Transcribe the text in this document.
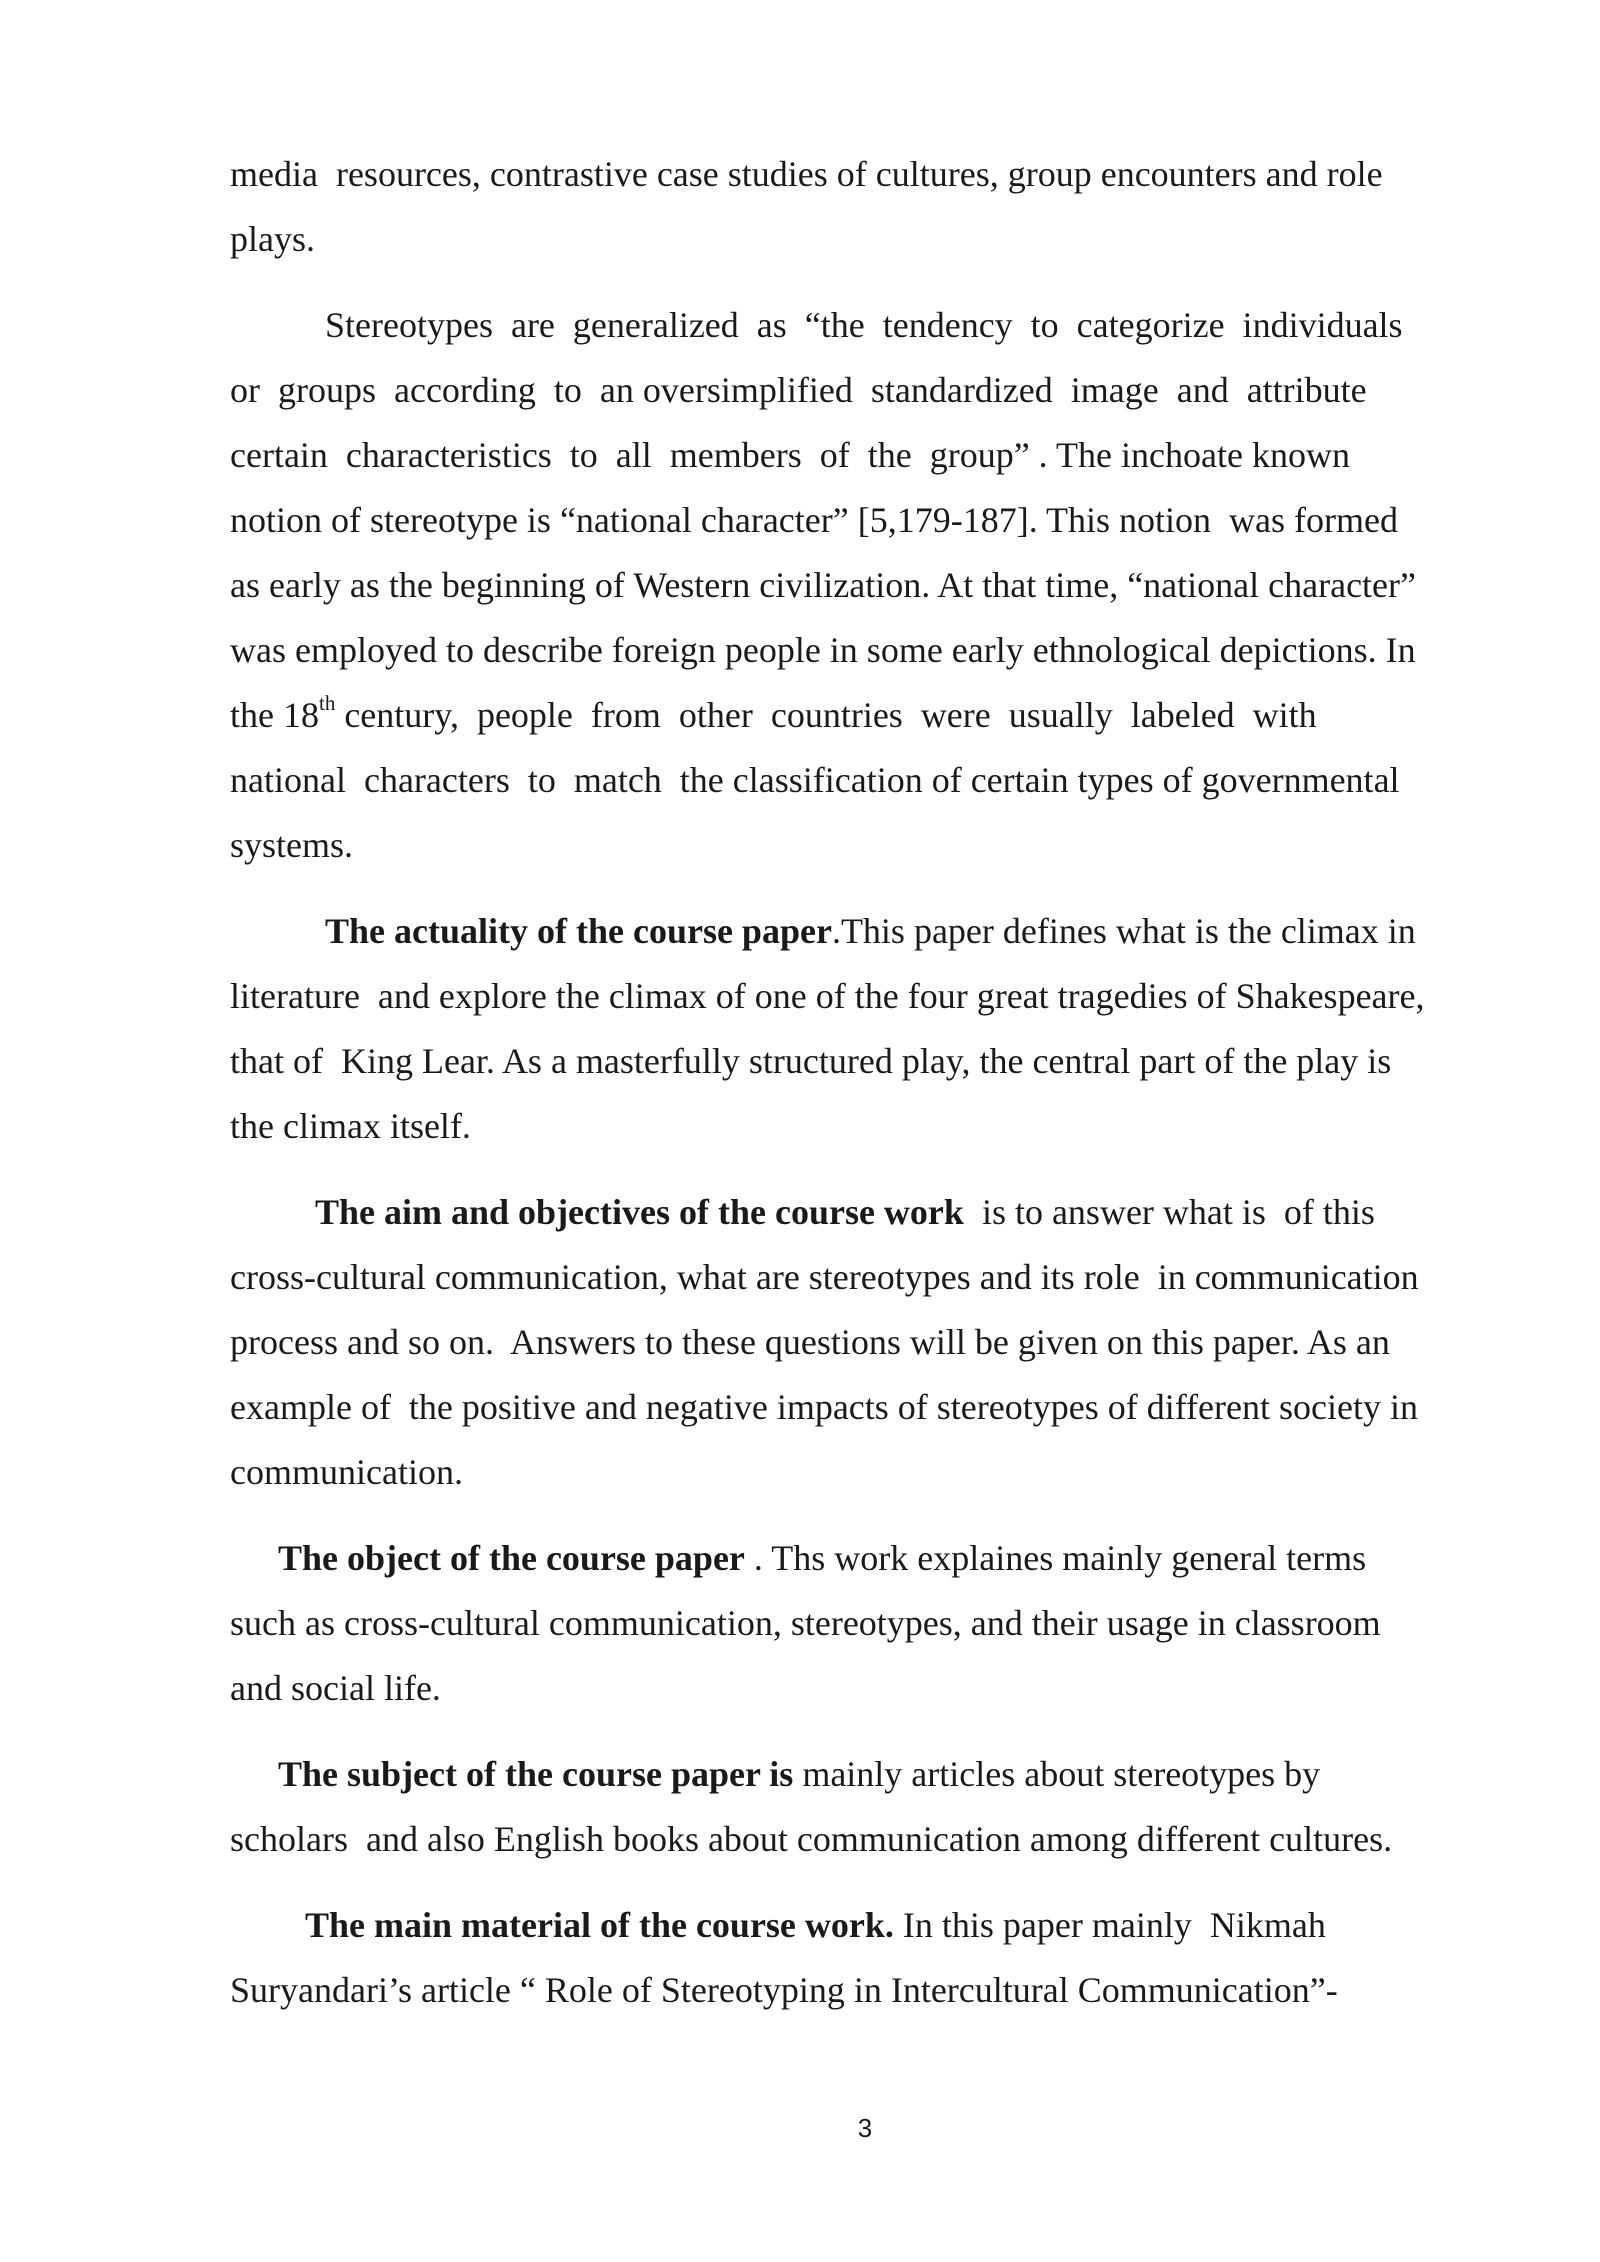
media  resources, contrastive case studies of cultures, group encounters and role
plays.
Stereotypes  are  generalized  as  “the  tendency  to  categorize  individuals
or  groups  according  to  an oversimplified  standardized  image  and  attribute
certain  characteristics  to  all  members  of  the  group” . The inchoate known
notion of stereotype is “national character” [5,179-187]. This notion  was formed
as early as the beginning of Western civilization. At that time, “national character”
was employed to describe foreign people in some early ethnological depictions. In
the 18th century,  people  from  other  countries  were  usually  labeled  with
national  characters  to  match  the classification of certain types of governmental
systems.
The actuality of the course paper.This paper defines what is the climax in
literature  and explore the climax of one of the four great tragedies of Shakespeare,
that of  King Lear. As a masterfully structured play, the central part of the play is
the climax itself.
The aim and objectives of the course work  is to answer what is  of this
cross-cultural communication, what are stereotypes and its role  in communication
process and so on.  Answers to these questions will be given on this paper. As an
example of  the positive and negative impacts of stereotypes of different society in
communication.
The object of the course paper . Ths work explaines mainly general terms
such as cross-cultural communication, stereotypes, and their usage in classroom
and social life.
The subject of the course paper is mainly articles about stereotypes by
scholars  and also English books about communication among different cultures.
The main material of the course work. In this paper mainly  Nikmah
Suryandari’s article “ Role of Stereotyping in Intercultural Communication”-
3
